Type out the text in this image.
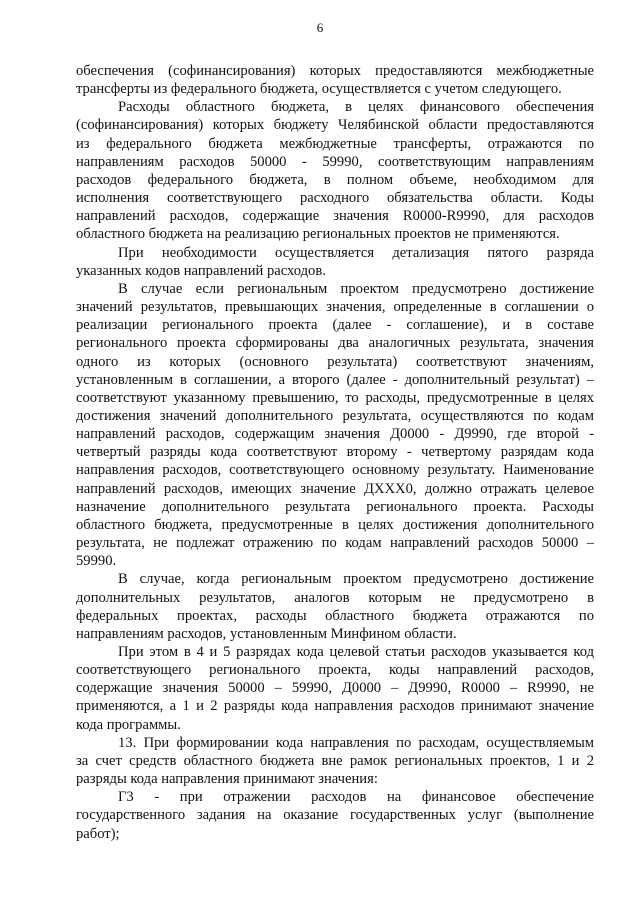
6
обеспечения (софинансирования) которых предоставляются межбюджетные
трансферты из федерального бюджета, осуществляется с учетом следующего.
Расходы областного бюджета, в целях финансового обеспечения
(софинансирования) которых бюджету Челябинской области предоставляются
из федерального бюджета межбюджетные трансферты, отражаются по
направлениям расходов 50000 - 59990, соответствующим направлениям
расходов федерального бюджета, в полном объеме, необходимом для
исполнения соответствующего расходного обязательства области. Коды
направлений расходов, содержащие значения R0000-R9990, для расходов
областного бюджета на реализацию региональных проектов не применяются.
При необходимости осуществляется детализация пятого разряда
указанных кодов направлений расходов.
В случае если региональным проектом предусмотрено достижение
значений результатов, превышающих значения, определенные в соглашении о
реализации регионального проекта (далее - соглашение), и в составе
регионального проекта сформированы два аналогичных результата, значения
одного из которых (основного результата) соответствуют значениям,
установленным в соглашении, а второго (далее - дополнительный результат) –
соответствуют указанному превышению, то расходы, предусмотренные в целях
достижения значений дополнительного результата, осуществляются по кодам
направлений расходов, содержащим значения Д0000 - Д9990, где второй -
четвертый разряды кода соответствуют второму - четвертому разрядам кода
направления расходов, соответствующего основному результату. Наименование
направлений расходов, имеющих значение ДХХХ0, должно отражать целевое
назначение дополнительного результата регионального проекта. Расходы
областного бюджета, предусмотренные в целях достижения дополнительного
результата, не подлежат отражению по кодам направлений расходов 50000 –
59990.
В случае, когда региональным проектом предусмотрено достижение
дополнительных результатов, аналогов которым не предусмотрено в
федеральных проектах, расходы областного бюджета отражаются по
направлениям расходов, установленным Минфином области.
При этом в 4 и 5 разрядах кода целевой статьи расходов указывается код
соответствующего регионального проекта, коды направлений расходов,
содержащие значения 50000 – 59990, Д0000 – Д9990, R0000 – R9990, не
применяются, а 1 и 2 разряды кода направления расходов принимают значение
кода программы.
13. При формировании кода направления по расходам, осуществляемым
за счет средств областного бюджета вне рамок региональных проектов, 1 и 2
разряды кода направления принимают значения:
Г3 - при отражении расходов на финансовое обеспечение
государственного задания на оказание государственных услуг (выполнение
работ);
